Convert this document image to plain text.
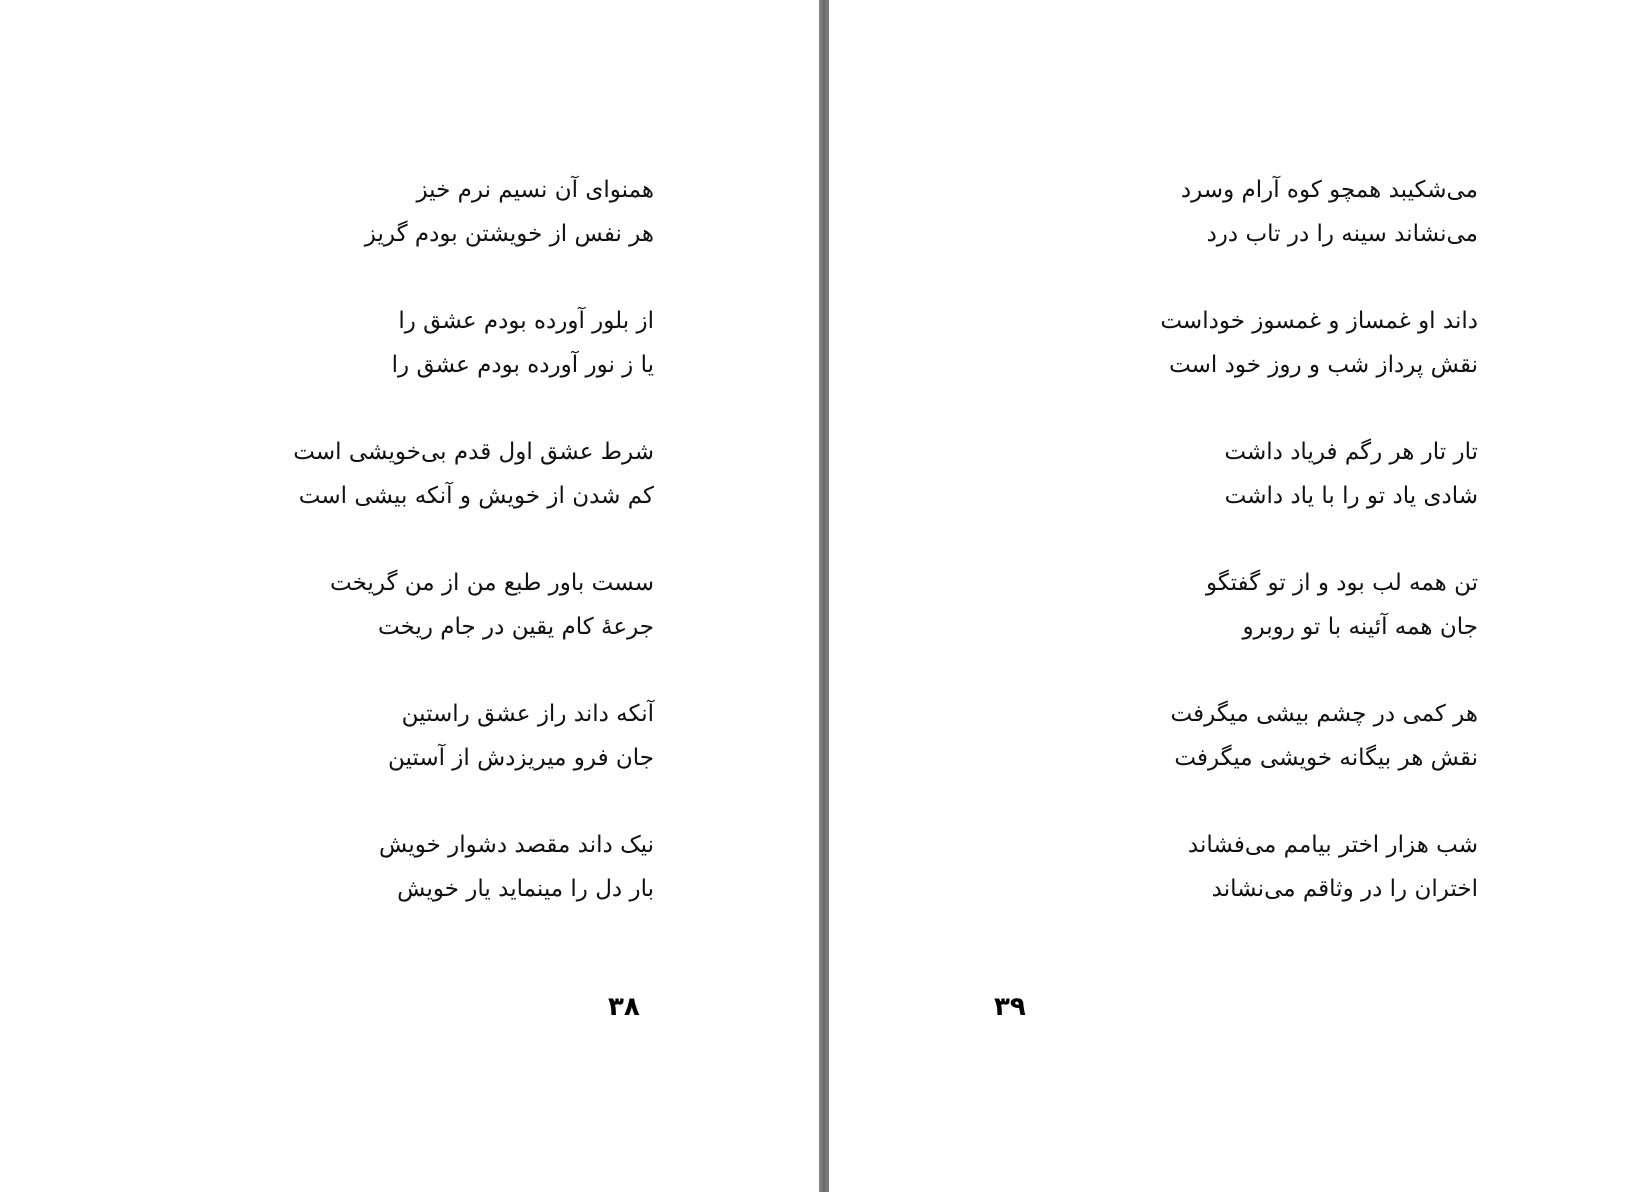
همنوای آن نسیم نرم خیز
هر نفس از خویشتن بودم گریز
از بلور آورده بودم عشق را
یا ز نور آورده بودم عشق را
شرط عشق اول قدم بی‌خویشی است
کم شدن از خویش و آنکه بیشی است
سست باور طبع من از من گریخت
جرعهٔ کام یقین در جام ریخت
آنکه داند راز عشق راستین
جان فرو میریزدش از آستین
نیک داند مقصد دشوار خویش
بار دل را مینماید یار خویش
۳۸
می‌شکیبد همچو کوه آرام وسرد
می‌نشاند سینه را در تاب درد
داند او غمساز و غمسوز خوداست
نقش پرداز شب و روز خود است
تار تار هر رگم فریاد داشت
شادی یاد تو را با یاد داشت
تن همه لب بود و از تو گفتگو
جان همه آئینه با تو روبرو
هر کمی در چشم بیشی میگرفت
نقش هر بیگانه خویشی میگرفت
شب هزار اختر بیامم می‌فشاند
اختران را در وثاقم می‌نشاند
۳۹
